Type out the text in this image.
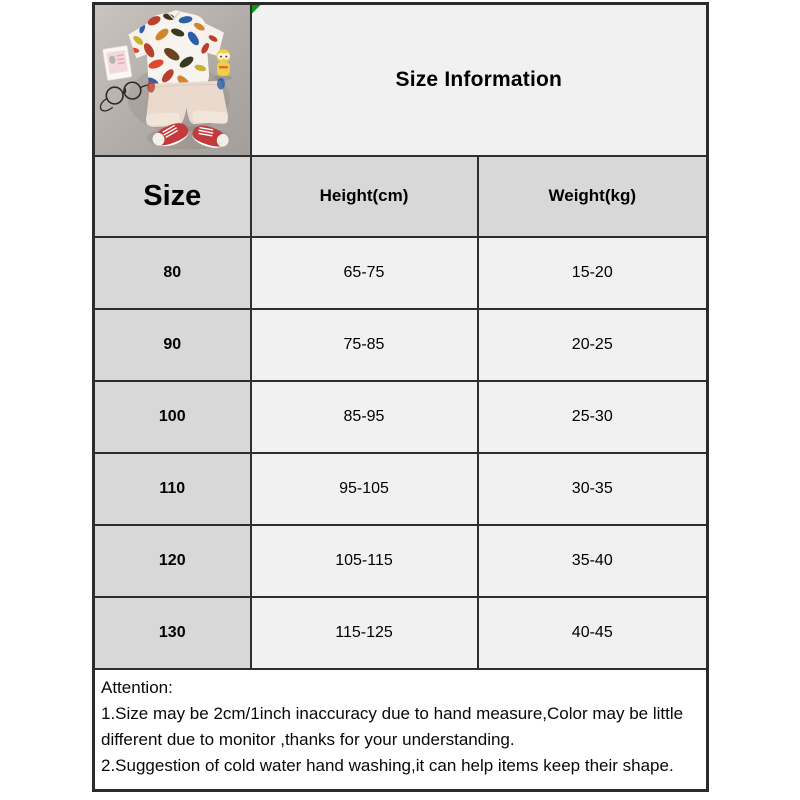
Size Information	
Size	Height(cm)	Weight(kg)
80	65-75	15-20
90	75-85	20-25
100	85-95	25-30
110	95-105	30-35
120	105-115	35-40
130	115-125	40-45

Attention:

1.Size may be 2cm/1inch inaccuracy due to hand measure,Color may be little different due to monitor ,thanks for your understanding.

2.Suggestion of cold water hand washing,it can help items keep their shape.		
